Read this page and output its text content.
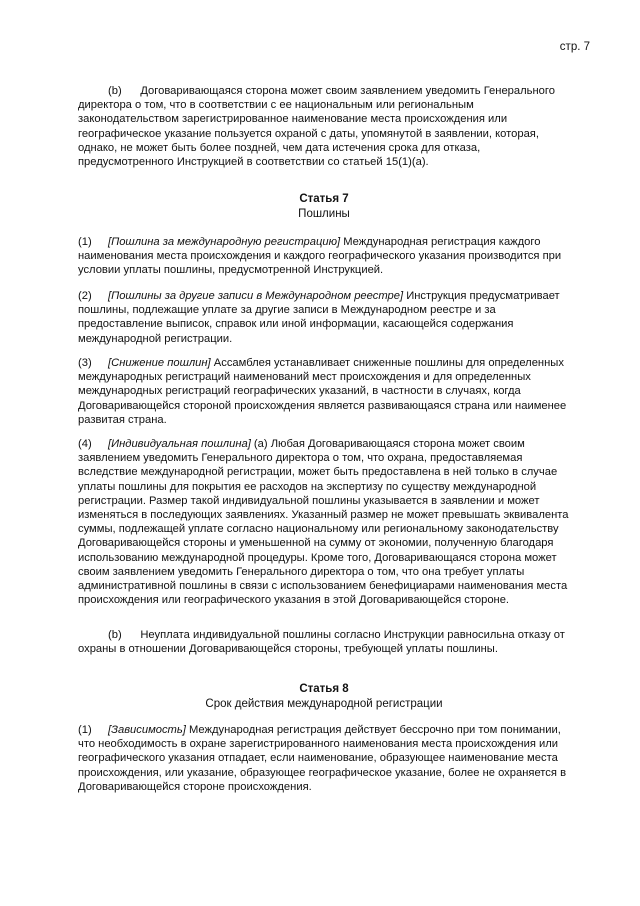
стр. 7

(b) Договаривающаяся сторона может своим заявлением уведомить Генерального директора о том, что в соответствии с ее национальным или региональным законодательством зарегистрированное наименование места происхождения или географическое указание пользуется охраной с даты, упомянутой в заявлении, которая, однако, не может быть более поздней, чем дата истечения срока для отказа, предусмотренного Инструкцией в соответствии со статьей 15(1)(a).

Статья 7
Пошлины

(1) [Пошлина за международную регистрацию] Международная регистрация каждого наименования места происхождения и каждого географического указания производится при условии уплаты пошлины, предусмотренной Инструкцией.

(2) [Пошлины за другие записи в Международном реестре] Инструкция предусматривает пошлины, подлежащие уплате за другие записи в Международном реестре и за предоставление выписок, справок или иной информации, касающейся содержания международной регистрации.

(3) [Снижение пошлин] Ассамблея устанавливает сниженные пошлины для определенных международных регистраций наименований мест происхождения и для определенных международных регистраций географических указаний, в частности в случаях, когда Договаривающейся стороной происхождения является развивающаяся страна или наименее развитая страна.

(4) [Индивидуальная пошлина] (a) Любая Договаривающаяся сторона может своим заявлением уведомить Генерального директора о том, что охрана, предоставляемая вследствие международной регистрации, может быть предоставлена в ней только в случае уплаты пошлины для покрытия ее расходов на экспертизу по существу международной регистрации. Размер такой индивидуальной пошлины указывается в заявлении и может изменяться в последующих заявлениях. Указанный размер не может превышать эквивалента суммы, подлежащей уплате согласно национальному или региональному законодательству Договаривающейся стороны и уменьшенной на сумму от экономии, полученную благодаря использованию международной процедуры. Кроме того, Договаривающаяся сторона может своим заявлением уведомить Генерального директора о том, что она требует уплаты административной пошлины в связи с использованием бенефициарами наименования места происхождения или географического указания в этой Договаривающейся стороне.

(b) Неуплата индивидуальной пошлины согласно Инструкции равносильна отказу от охраны в отношении Договаривающейся стороны, требующей уплаты пошлины.

Статья 8
Срок действия международной регистрации

(1) [Зависимость] Международная регистрация действует бессрочно при том понимании, что необходимость в охране зарегистрированного наименования места происхождения или географического указания отпадает, если наименование, образующее наименование места происхождения, или указание, образующее географическое указание, более не охраняется в Договаривающейся стороне происхождения.
